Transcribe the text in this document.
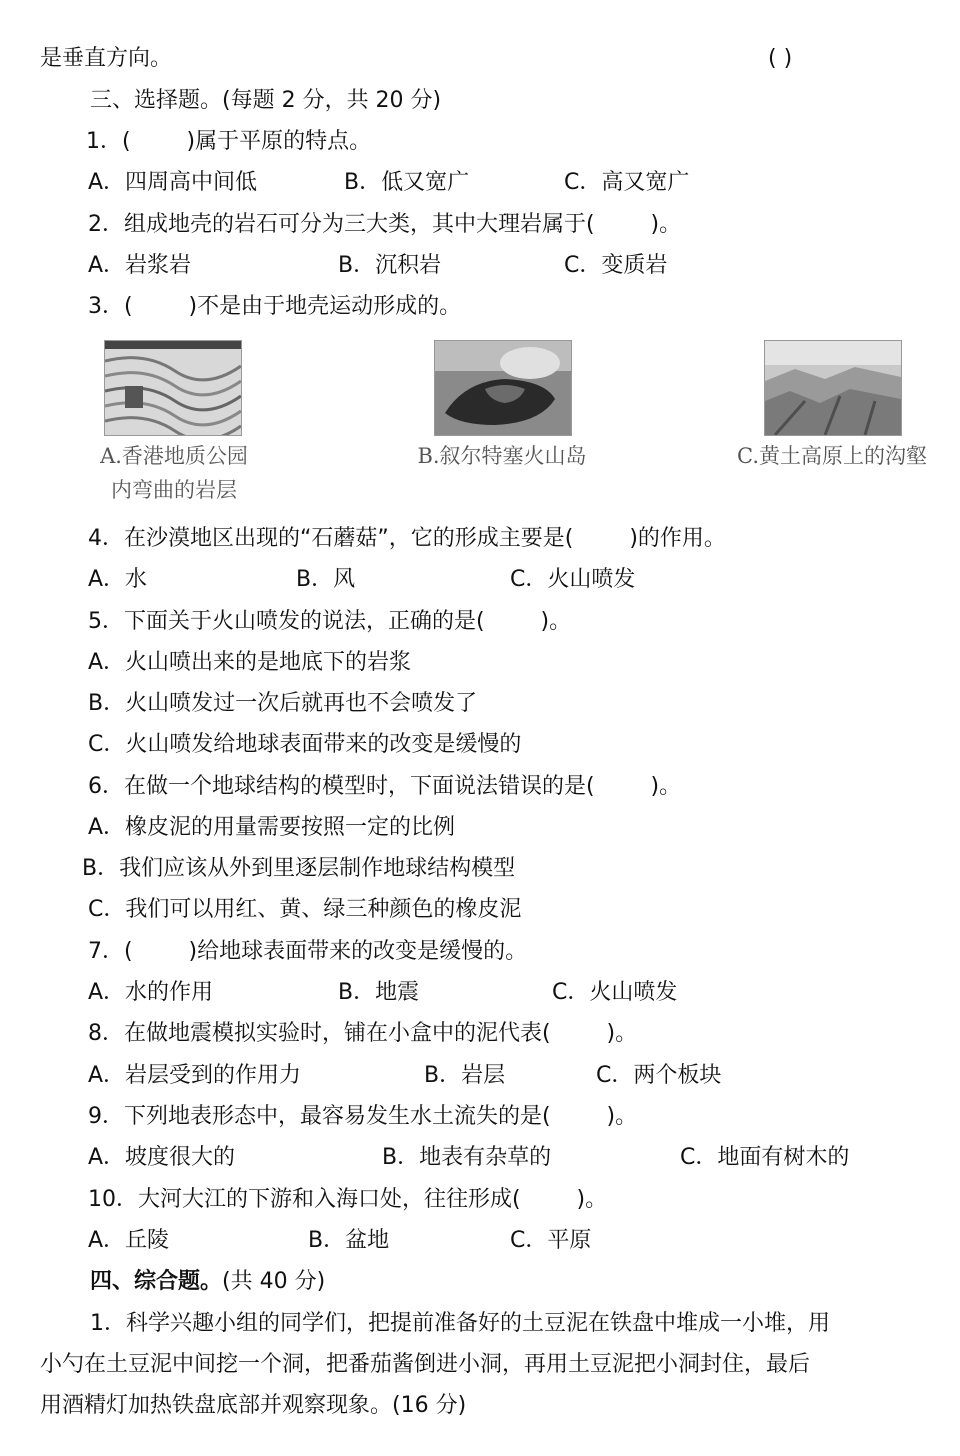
是垂直方向。	( )
三、选择题。(每题 2 分，共 20 分)
1．(        )属于平原的特点。
A．四周高中间低	B．低又宽广	C．高又宽广
2．组成地壳的岩石可分为三大类，其中大理岩属于(        )。
A．岩浆岩	B．沉积岩	C．变质岩
3．(        )不是由于地壳运动形成的。
A.香港地质公园
内弯曲的岩层
B.叙尔特塞火山岛	C.黄土高原上的沟壑
4．在沙漠地区出现的“石蘑菇”，它的形成主要是(        )的作用。
A．水	B．风	C．火山喷发
5．下面关于火山喷发的说法，正确的是(        )。
A．火山喷出来的是地底下的岩浆
B．火山喷发过一次后就再也不会喷发了
C．火山喷发给地球表面带来的改变是缓慢的
6．在做一个地球结构的模型时，下面说法错误的是(        )。
A．橡皮泥的用量需要按照一定的比例
B．我们应该从外到里逐层制作地球结构模型
C．我们可以用红、黄、绿三种颜色的橡皮泥
7．(        )给地球表面带来的改变是缓慢的。
A．水的作用	B．地震	C．火山喷发
8．在做地震模拟实验时，铺在小盒中的泥代表(        )。
A．岩层受到的作用力	B．岩层	C．两个板块
9．下列地表形态中，最容易发生水土流失的是(        )。
A．坡度很大的	B．地表有杂草的	C．地面有树木的
10．大河大江的下游和入海口处，往往形成(        )。
A．丘陵	B．盆地	C．平原
四、综合题。(共 40 分)
1．科学兴趣小组的同学们，把提前准备好的土豆泥在铁盘中堆成一小堆，用
小勺在土豆泥中间挖一个洞，把番茄酱倒进小洞，再用土豆泥把小洞封住，最后
用酒精灯加热铁盘底部并观察现象。(16 分)
